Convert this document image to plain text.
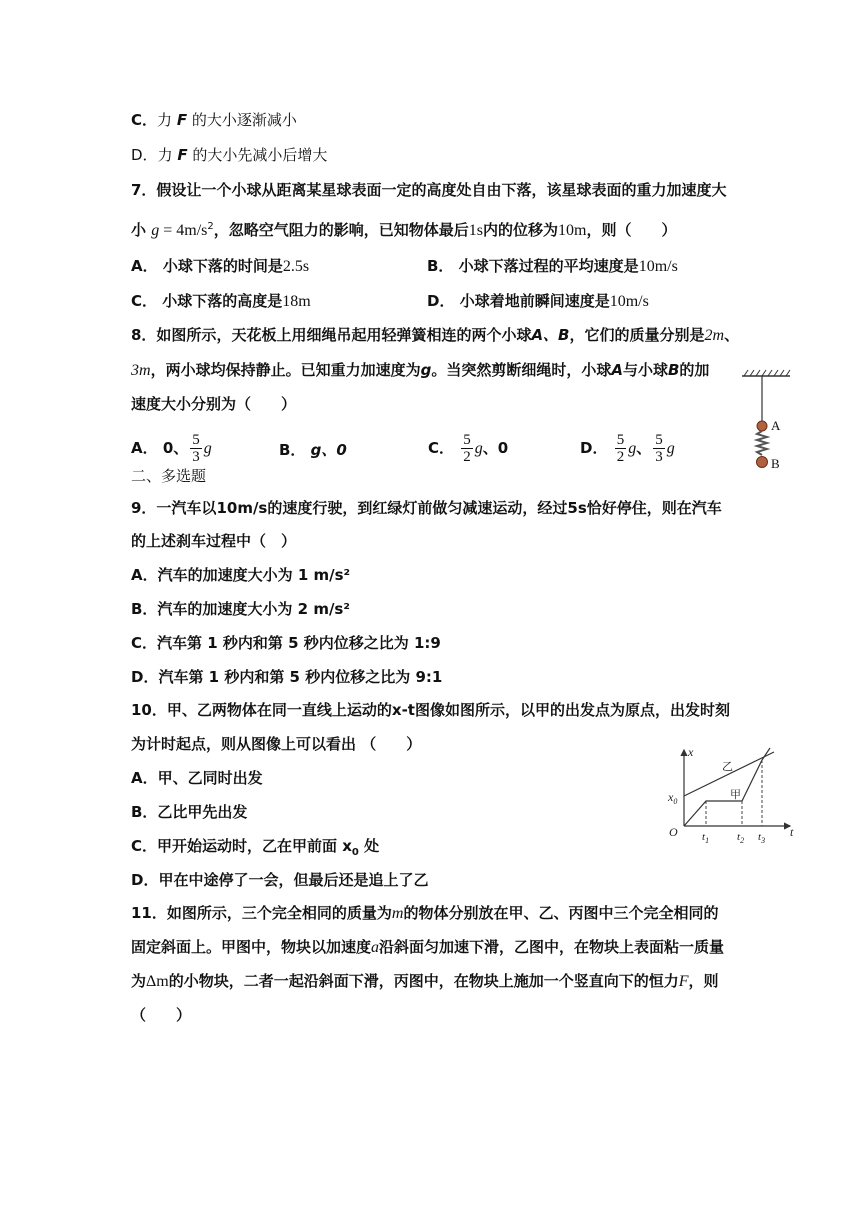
C．力 F 的大小逐渐减小
D．力 F 的大小先减小后增大
7．假设让一个小球从距离某星球表面一定的高度处自由下落，该星球表面的重力加速度大
小 $g = 4m/s^2$，忽略空气阻力的影响，已知物体最后1s内的位移为10m，则（　　）
A． 小球下落的时间是2.5s	B． 小球下落过程的平均速度是10m/s
C． 小球下落的高度是18m	D． 小球着地前瞬间速度是10m/s
8．如图所示，天花板上用细绳吊起用轻弹簧相连的两个小球A、B，它们的质量分别是2m、
3m，两小球均保持静止。已知重力加速度为g。当突然剪断细绳时，小球A与小球B的加
速度大小分别为（　　）
A． 0、 $\frac{5}{3}$ g	B． g、0	C． $\frac{5}{2}$ g、0	D． $\frac{5}{2}$ g、 $\frac{5}{3}$ g
A
B
二、多选题
9．一汽车以10m/s的速度行驶，到红绿灯前做匀减速运动，经过5s恰好停住，则在汽车
的上述刹车过程中（　）
A．汽车的加速度大小为 1 m/s²
B．汽车的加速度大小为 2 m/s²
C．汽车第 1 秒内和第 5 秒内位移之比为 1:9
D．汽车第 1 秒内和第 5 秒内位移之比为 9:1
10．甲、乙两物体在同一直线上运动的x-t图像如图所示，以甲的出发点为原点，出发时刻
为计时起点，则从图像上可以看出 （　　）
A．甲、乙同时出发
B．乙比甲先出发
C．甲开始运动时，乙在甲前面 $x_0$ 处
D．甲在中途停了一会，但最后还是追上了乙
x
t
O
$x_0$
乙
甲
$t_1$	$t_2$ $t_3$
11．如图所示，三个完全相同的质量为m的物体分别放在甲、乙、丙图中三个完全相同的
固定斜面上。甲图中，物块以加速度a沿斜面匀加速下滑，乙图中，在物块上表面粘一质量
为Δm的小物块，二者一起沿斜面下滑，丙图中，在物块上施加一个竖直向下的恒力F，则
（　　）
